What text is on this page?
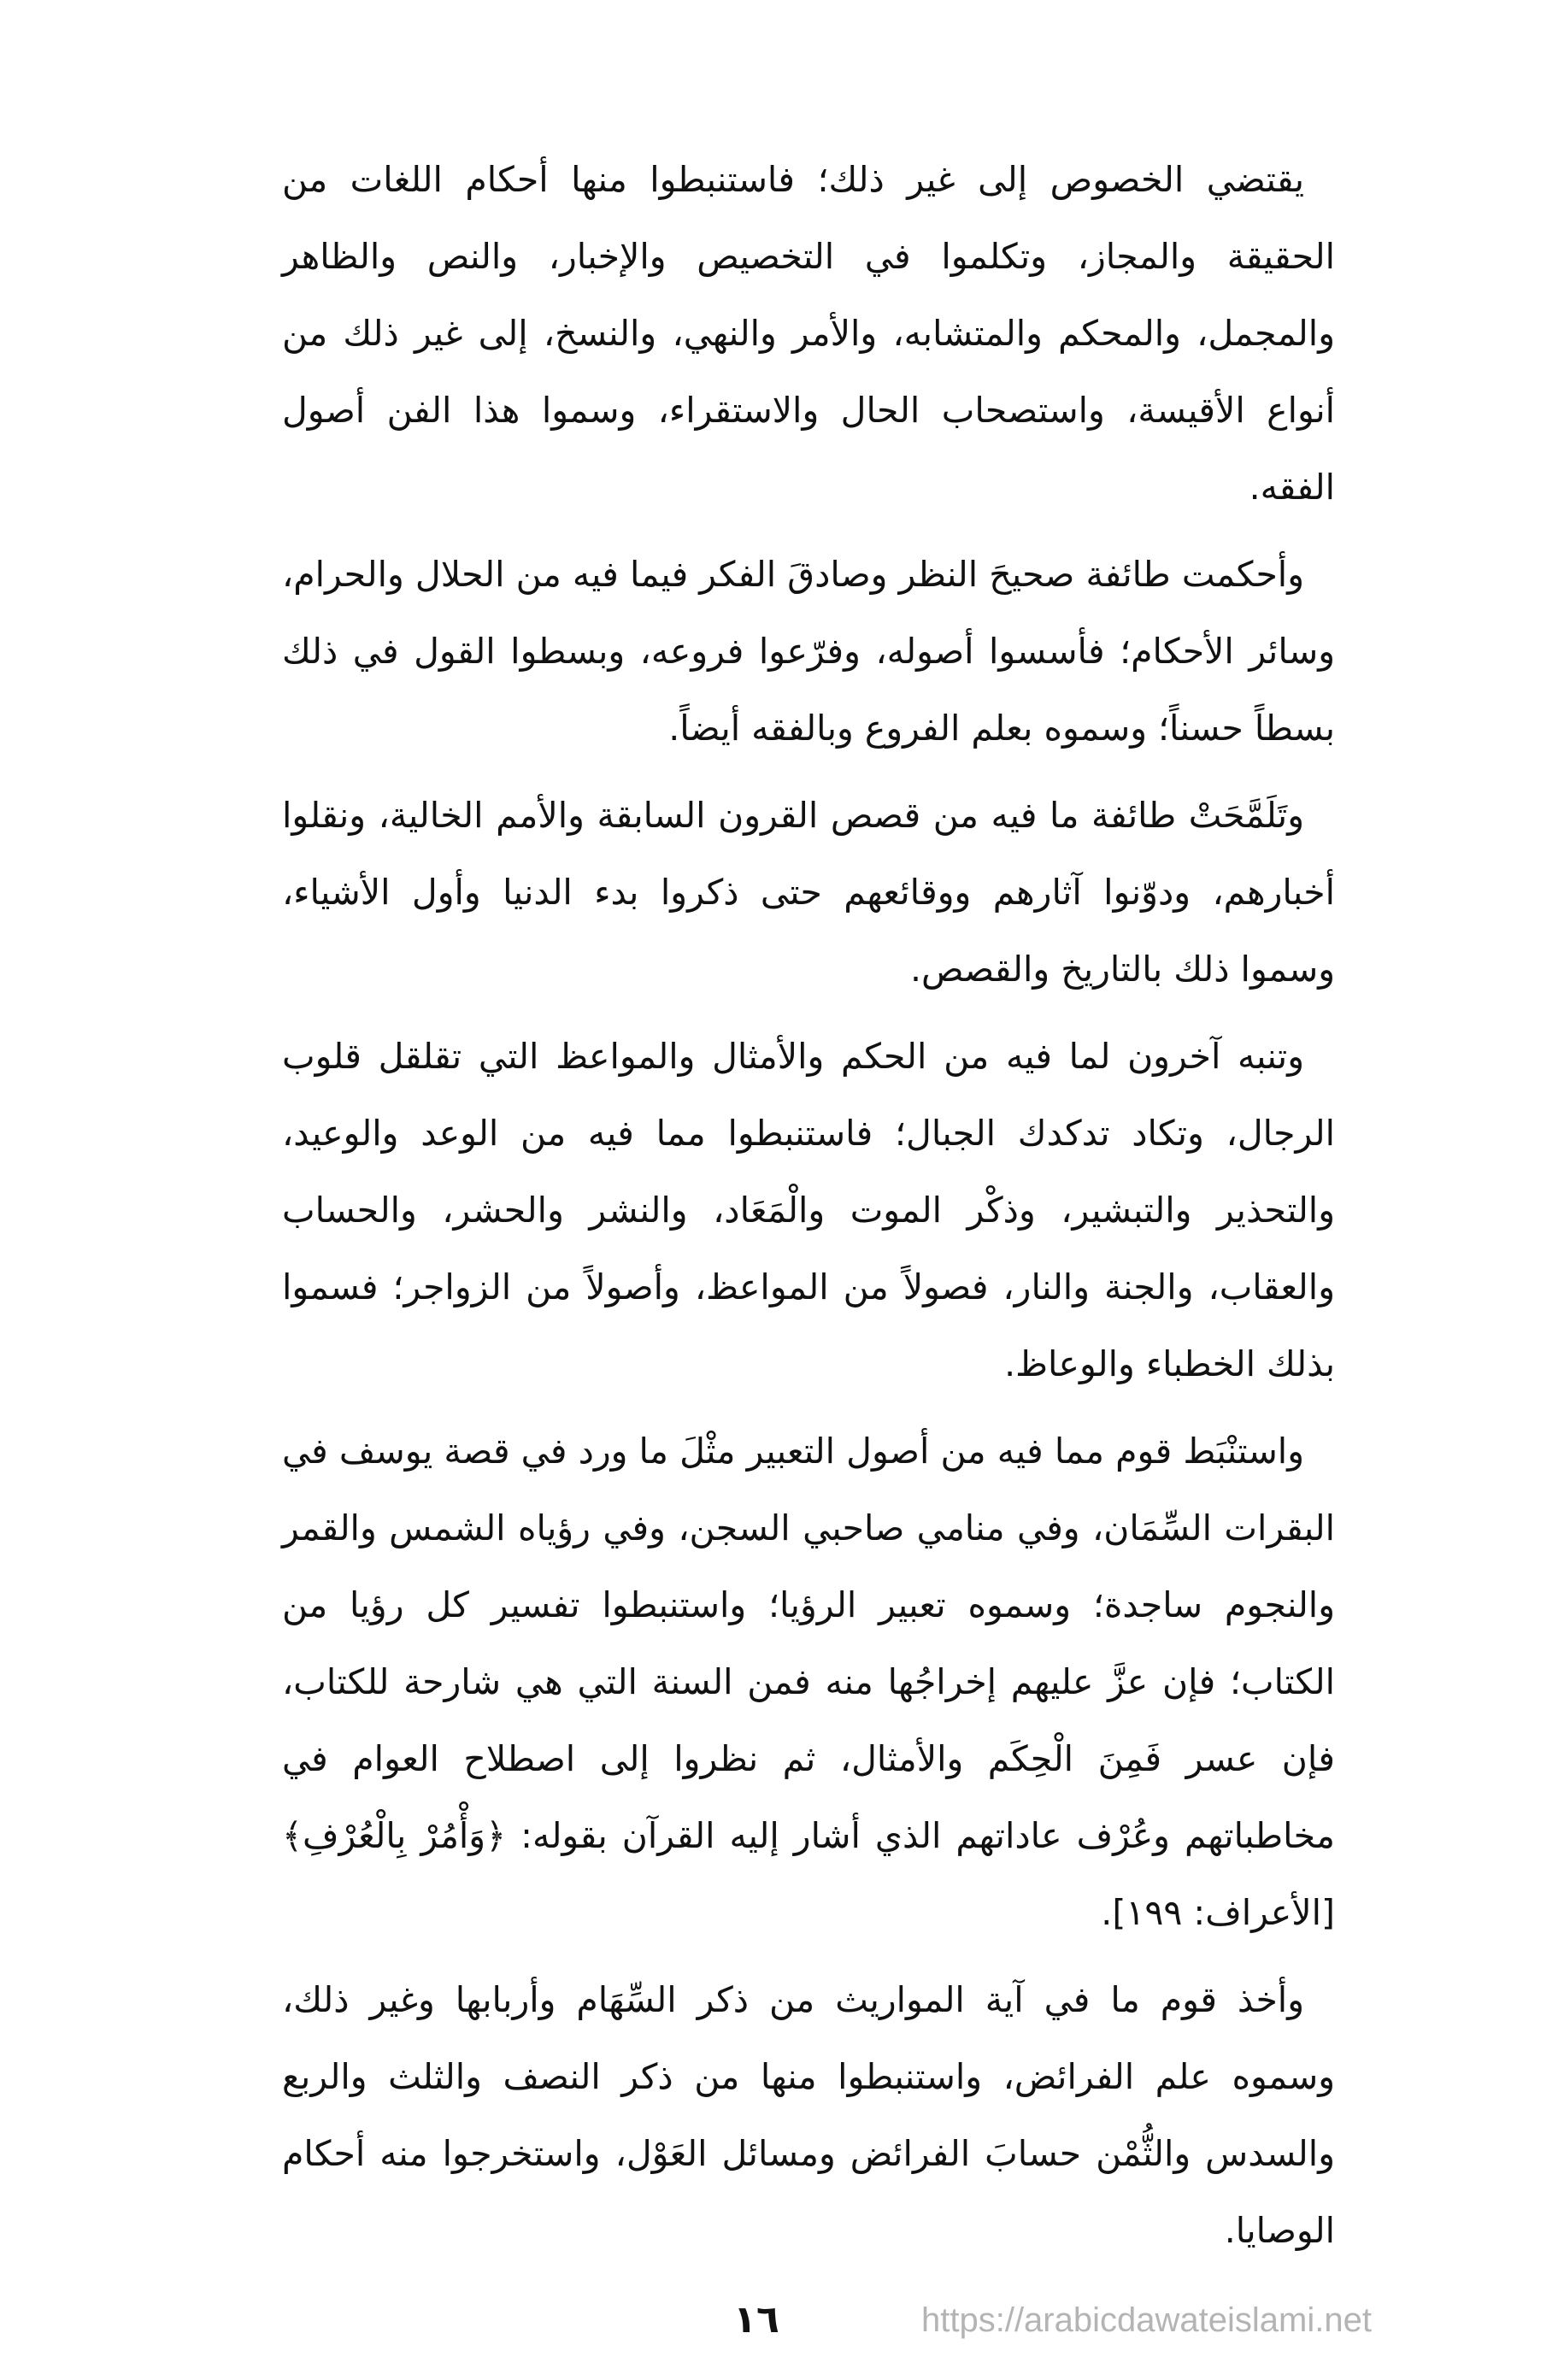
يقتضي الخصوص إلى غير ذلك؛ فاستنبطوا منها أحكام اللغات من الحقيقة والمجاز، وتكلموا في التخصيص والإخبار، والنص والظاهر والمجمل، والمحكم والمتشابه، والأمر والنهي، والنسخ، إلى غير ذلك من أنواع الأقيسة، واستصحاب الحال والاستقراء، وسموا هذا الفن أصول الفقه.

وأحكمت طائفة صحيحَ النظر وصادقَ الفكر فيما فيه من الحلال والحرام، وسائر الأحكام؛ فأسسوا أصوله، وفرّعوا فروعه، وبسطوا القول في ذلك بسطاً حسناً؛ وسموه بعلم الفروع وبالفقه أيضاً.

وتَلَمَّحَتْ طائفة ما فيه من قصص القرون السابقة والأمم الخالية، ونقلوا أخبارهم، ودوّنوا آثارهم ووقائعهم حتى ذكروا بدء الدنيا وأول الأشياء، وسموا ذلك بالتاريخ والقصص.

وتنبه آخرون لما فيه من الحكم والأمثال والمواعظ التي تقلقل قلوب الرجال، وتكاد تدكدك الجبال؛ فاستنبطوا مما فيه من الوعد والوعيد، والتحذير والتبشير، وذكْر الموت والْمَعَاد، والنشر والحشر، والحساب والعقاب، والجنة والنار، فصولاً من المواعظ، وأصولاً من الزواجر؛ فسموا بذلك الخطباء والوعاظ.

واستنْبَط قوم مما فيه من أصول التعبير مثْلَ ما ورد في قصة يوسف في البقرات السِّمَان، وفي منامي صاحبي السجن، وفي رؤياه الشمس والقمر والنجوم ساجدة؛ وسموه تعبير الرؤيا؛ واستنبطوا تفسير كل رؤيا من الكتاب؛ فإن عزَّ عليهم إخراجُها منه فمن السنة التي هي شارحة للكتاب، فإن عسر فَمِنَ الْحِكَم والأمثال، ثم نظروا إلى اصطلاح العوام في مخاطباتهم وعُرْف عاداتهم الذي أشار إليه القرآن بقوله: ﴿وَأْمُرْ بِالْعُرْفِ﴾ [الأعراف: ١٩٩].

وأخذ قوم ما في آية المواريث من ذكر السِّهَام وأربابها وغير ذلك، وسموه علم الفرائض، واستنبطوا منها من ذكر النصف والثلث والربع والسدس والثُّمْن حسابَ الفرائض ومسائل العَوْل، واستخرجوا منه أحكام الوصايا.

١٦	https://arabicdawateislami.net
